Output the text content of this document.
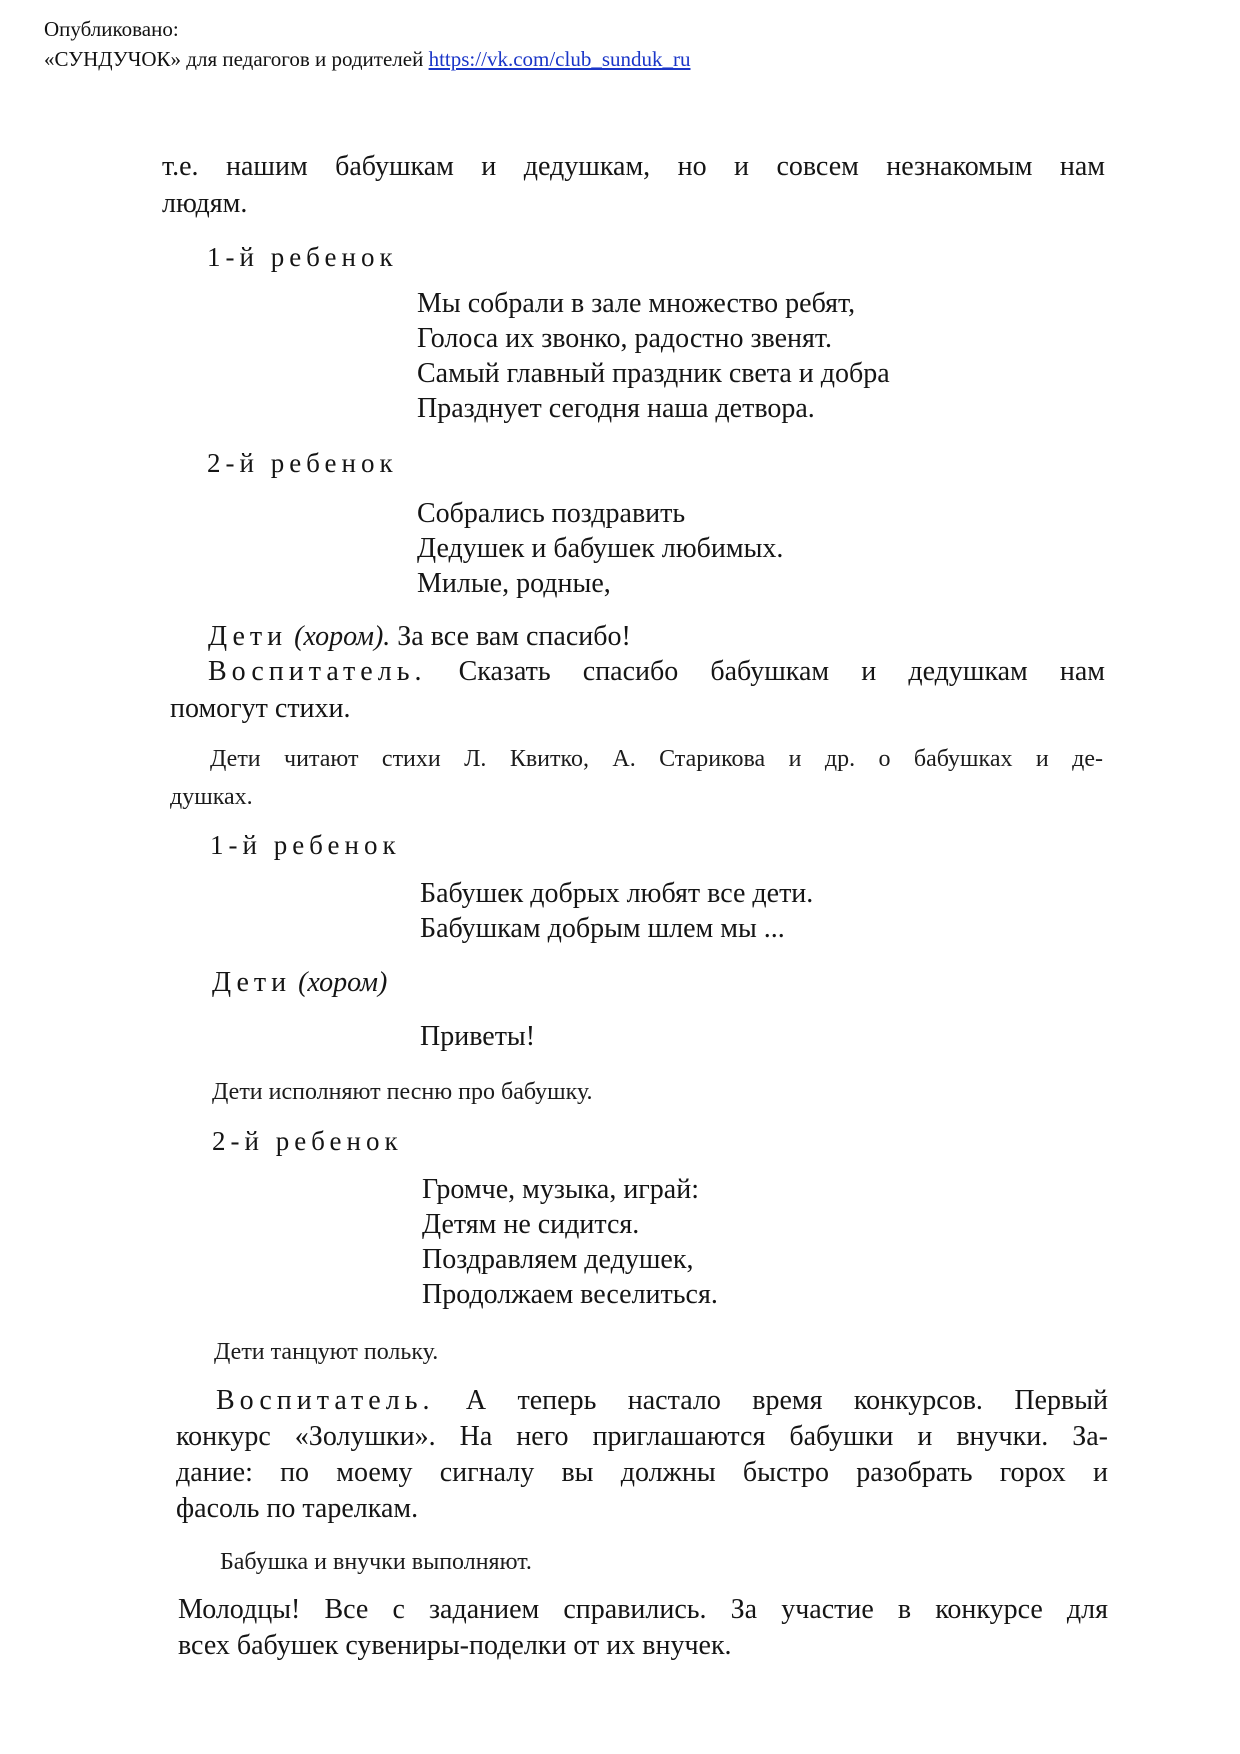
Опубликовано:
«СУНДУЧОК» для педагогов и родителей https://vk.com/club_sunduk_ru
т.е. нашим бабушкам и дедушкам, но и совсем незнакомым нам
людям.
1-й ребенок
Мы собрали в зале множество ребят,
Голоса их звонко, радостно звенят.
Самый главный праздник света и добра
Празднует сегодня наша детвора.
2-й ребенок
Собрались поздравить
Дедушек и бабушек любимых.
Милые, родные,
Дети (хором). За все вам спасибо!
Воспитатель. Сказать спасибо бабушкам и дедушкам нам
помогут стихи.
Дети читают стихи Л. Квитко, А. Старикова и др. о бабушках и де-
душках.
1-й ребенок
Бабушек добрых любят все дети.
Бабушкам добрым шлем мы ...
Дети (хором)
Приветы!
Дети исполняют песню про бабушку.
2-й ребенок
Громче, музыка, играй:
Детям не сидится.
Поздравляем дедушек,
Продолжаем веселиться.
Дети танцуют польку.
Воспитатель. А теперь настало время конкурсов. Первый
конкурс «Золушки». На него приглашаются бабушки и внучки. За-
дание: по моему сигналу вы должны быстро разобрать горох и
фасоль по тарелкам.
Бабушка и внучки выполняют.
Молодцы! Все с заданием справились. За участие в конкурсе для
всех бабушек сувениры-поделки от их внучек.
